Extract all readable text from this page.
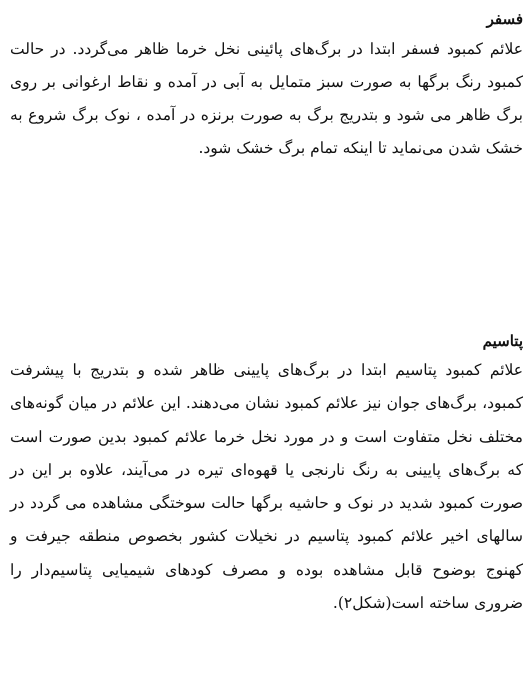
فسفر

علائم کمبود فسفر ابتدا در برگ‌های پائینی نخل خرما ظاهر می‌گردد. در حالت کمبود رنگ برگها به صورت سبز متمایل به آبی در آمده و نقاط ارغوانی بر روی برگ ظاهر می شود و بتدریج برگ به صورت برنزه در آمده ، نوک برگ شروع به خشک شدن می‌نماید تا اینکه تمام برگ خشک شود.

پتاسیم

علائم کمبود پتاسیم ابتدا در برگ‌های پایینی ظاهر شده و بتدریج با پیشرفت کمبود، برگ‌های جوان نیز علائم کمبود نشان می‌دهند. این علائم در میان گونه‌های مختلف نخل متفاوت است و در مورد نخل خرما علائم کمبود بدین صورت است که برگ‌های پایینی به رنگ نارنجی یا قهوه‌ای تیره در می‌آیند، علاوه بر این در صورت کمبود شدید در نوک و حاشیه برگها حالت سوختگی مشاهده می گردد در سالهای اخیر علائم کمبود پتاسیم در نخیلات کشور بخصوص منطقه جیرفت و کهنوج بوضوح قابل مشاهده بوده و مصرف کودهای شیمیایی پتاسیم‌دار را ضروری ساخته است(شکل۲).
